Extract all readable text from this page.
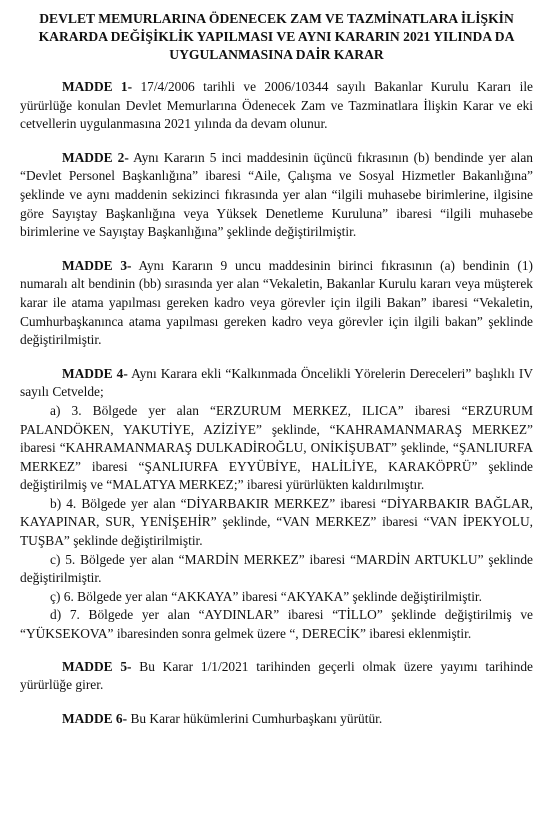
DEVLET MEMURLARINA ÖDENECEK ZAM VE TAZMİNATLARA İLİŞKİN
KARARDA DEĞİŞİKLİK YAPILMASI VE AYNI KARARIN 2021 YILINDA DA
UYGULANMASINA DAİR KARAR

MADDE 1- 17/4/2006 tarihli ve 2006/10344 sayılı Bakanlar Kurulu Kararı ile yürürlüğe konulan Devlet Memurlarına Ödenecek Zam ve Tazminatlara İlişkin Karar ve eki cetvellerin uygulanmasına 2021 yılında da devam olunur.

MADDE 2- Aynı Kararın 5 inci maddesinin üçüncü fıkrasının (b) bendinde yer alan “Devlet Personel Başkanlığına” ibaresi “Aile, Çalışma ve Sosyal Hizmetler Bakanlığına” şeklinde ve aynı maddenin sekizinci fıkrasında yer alan “ilgili muhasebe birimlerine, ilgisine göre Sayıştay Başkanlığına veya Yüksek Denetleme Kuruluna” ibaresi “ilgili muhasebe birimlerine ve Sayıştay Başkanlığına” şeklinde değiştirilmiştir.

MADDE 3- Aynı Kararın 9 uncu maddesinin birinci fıkrasının (a) bendinin (1) numaralı alt bendinin (bb) sırasında yer alan “Vekaletin, Bakanlar Kurulu kararı veya müşterek karar ile atama yapılması gereken kadro veya görevler için ilgili Bakan” ibaresi “Vekaletin, Cumhurbaşkanınca atama yapılması gereken kadro veya görevler için ilgili bakan” şeklinde değiştirilmiştir.

MADDE 4- Aynı Karara ekli “Kalkınmada Öncelikli Yörelerin Dereceleri” başlıklı IV sayılı Cetvelde;

a) 3. Bölgede yer alan “ERZURUM MERKEZ, ILICA” ibaresi “ERZURUM PALANDÖKEN, YAKUTİYE, AZİZİYE” şeklinde, “KAHRAMANMARAŞ MERKEZ” ibaresi “KAHRAMANMARAŞ DULKADİROĞLU, ONİKİŞUBAT” şeklinde, “ŞANLIURFA MERKEZ” ibaresi “ŞANLIURFA EYYÜBİYE, HALİLİYE, KARAKÖPRÜ” şeklinde değiştirilmiş ve “MALATYA MERKEZ;” ibaresi yürürlükten kaldırılmıştır.

b) 4. Bölgede yer alan “DİYARBAKIR MERKEZ” ibaresi “DİYARBAKIR BAĞLAR, KAYAPINAR, SUR, YENİŞEHİR” şeklinde, “VAN MERKEZ” ibaresi “VAN İPEKYOLU, TUŞBA” şeklinde değiştirilmiştir.

c) 5. Bölgede yer alan “MARDİN MERKEZ” ibaresi “MARDİN ARTUKLU” şeklinde değiştirilmiştir.

ç) 6. Bölgede yer alan “AKKAYA” ibaresi “AKYAKA” şeklinde değiştirilmiştir.

d) 7. Bölgede yer alan “AYDINLAR” ibaresi “TİLLO” şeklinde değiştirilmiş ve “YÜKSEKOVA” ibaresinden sonra gelmek üzere “, DERECİK” ibaresi eklenmiştir.

MADDE 5- Bu Karar 1/1/2021 tarihinden geçerli olmak üzere yayımı tarihinde yürürlüğe girer.

MADDE 6- Bu Karar hükümlerini Cumhurbaşkanı yürütür.
